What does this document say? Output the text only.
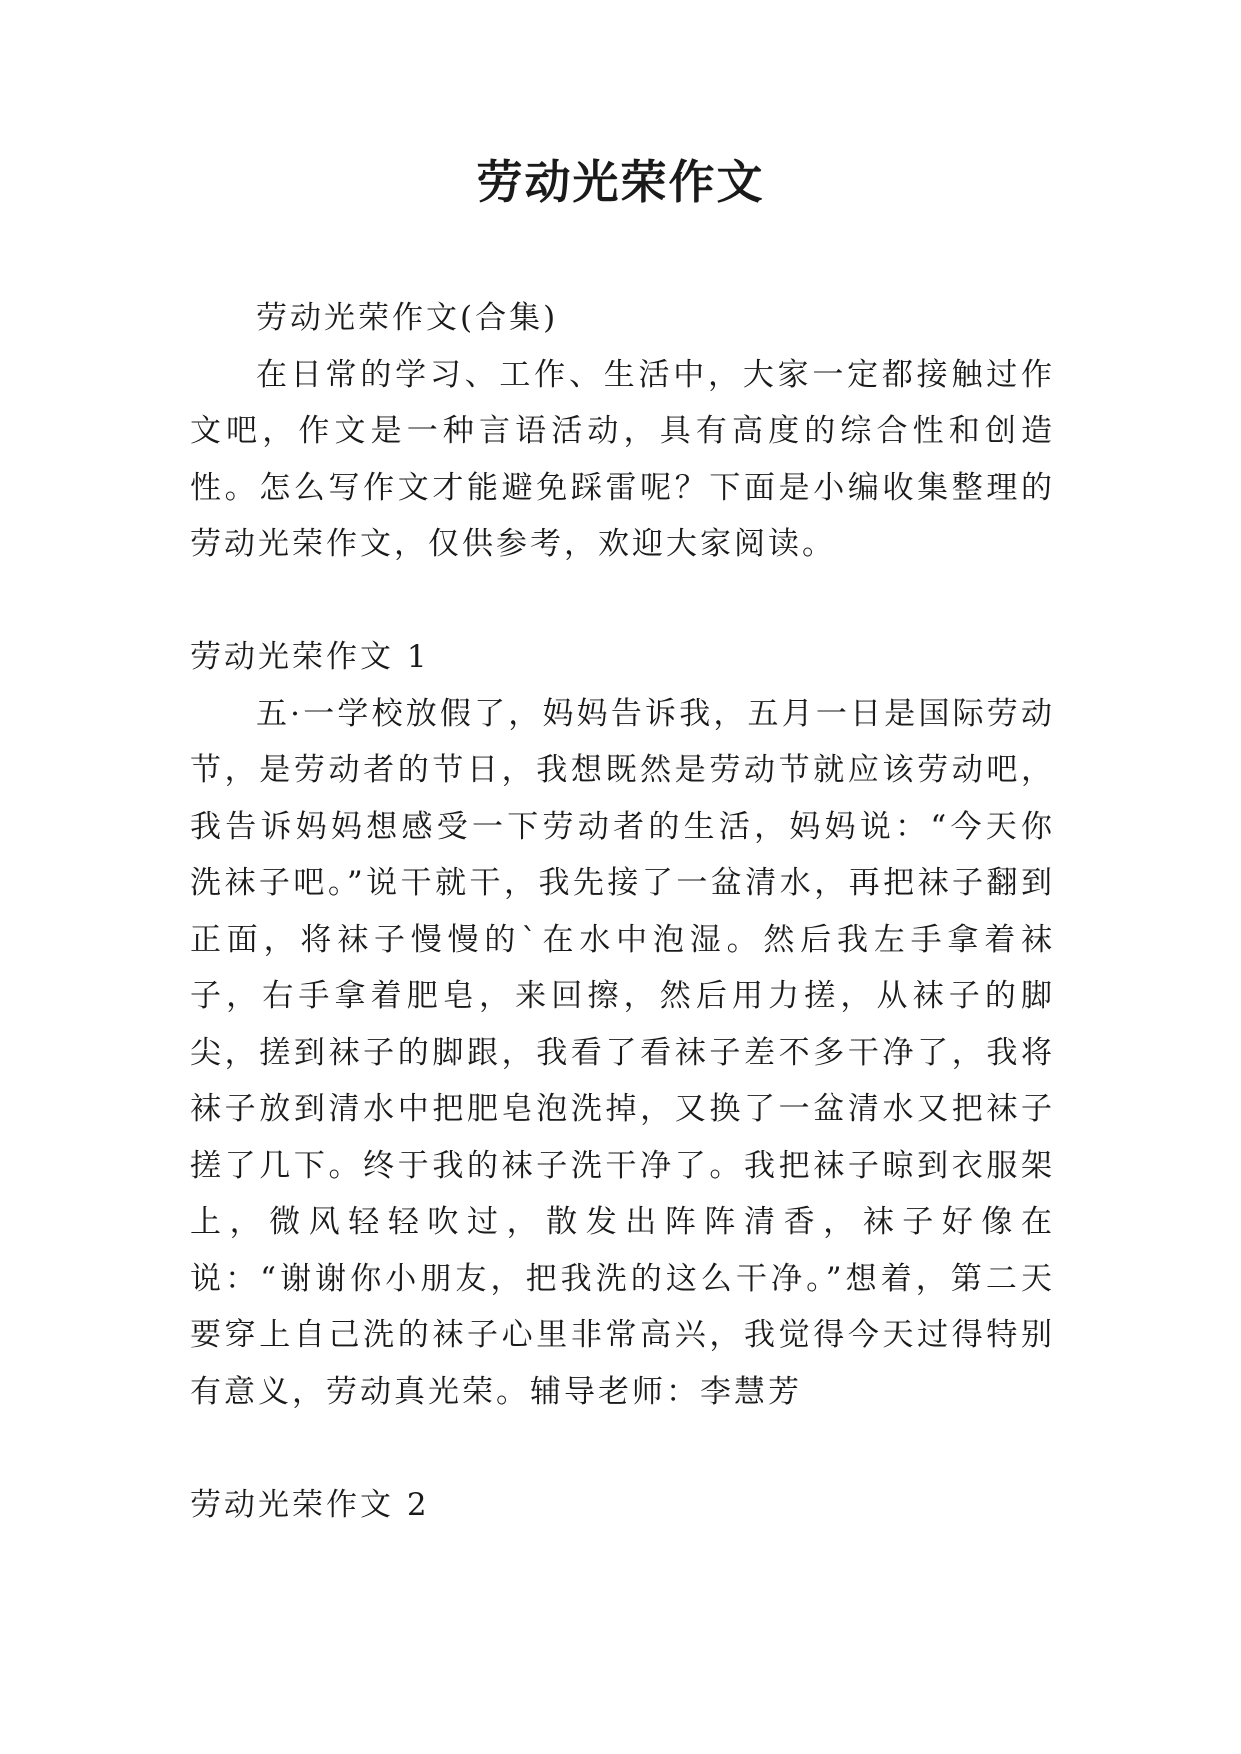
劳动光荣作文

劳动光荣作文(合集)

在日常的学习、工作、生活中，大家一定都接触过作文吧，作文是一种言语活动，具有高度的综合性和创造性。怎么写作文才能避免踩雷呢？下面是小编收集整理的劳动光荣作文，仅供参考，欢迎大家阅读。

劳动光荣作文 1

五·一学校放假了，妈妈告诉我，五月一日是国际劳动节，是劳动者的节日，我想既然是劳动节就应该劳动吧，我告诉妈妈想感受一下劳动者的生活，妈妈说：“今天你洗袜子吧。”说干就干，我先接了一盆清水，再把袜子翻到正面，将袜子慢慢的`在水中泡湿。然后我左手拿着袜子，右手拿着肥皂，来回擦，然后用力搓，从袜子的脚尖，搓到袜子的脚跟，我看了看袜子差不多干净了，我将袜子放到清水中把肥皂泡洗掉，又换了一盆清水又把袜子搓了几下。终于我的袜子洗干净了。我把袜子晾到衣服架上，微风轻轻吹过，散发出阵阵清香，袜子好像在说：“谢谢你小朋友，把我洗的这么干净。”想着，第二天要穿上自己洗的袜子心里非常高兴，我觉得今天过得特别有意义，劳动真光荣。辅导老师：李慧芳

劳动光荣作文 2
